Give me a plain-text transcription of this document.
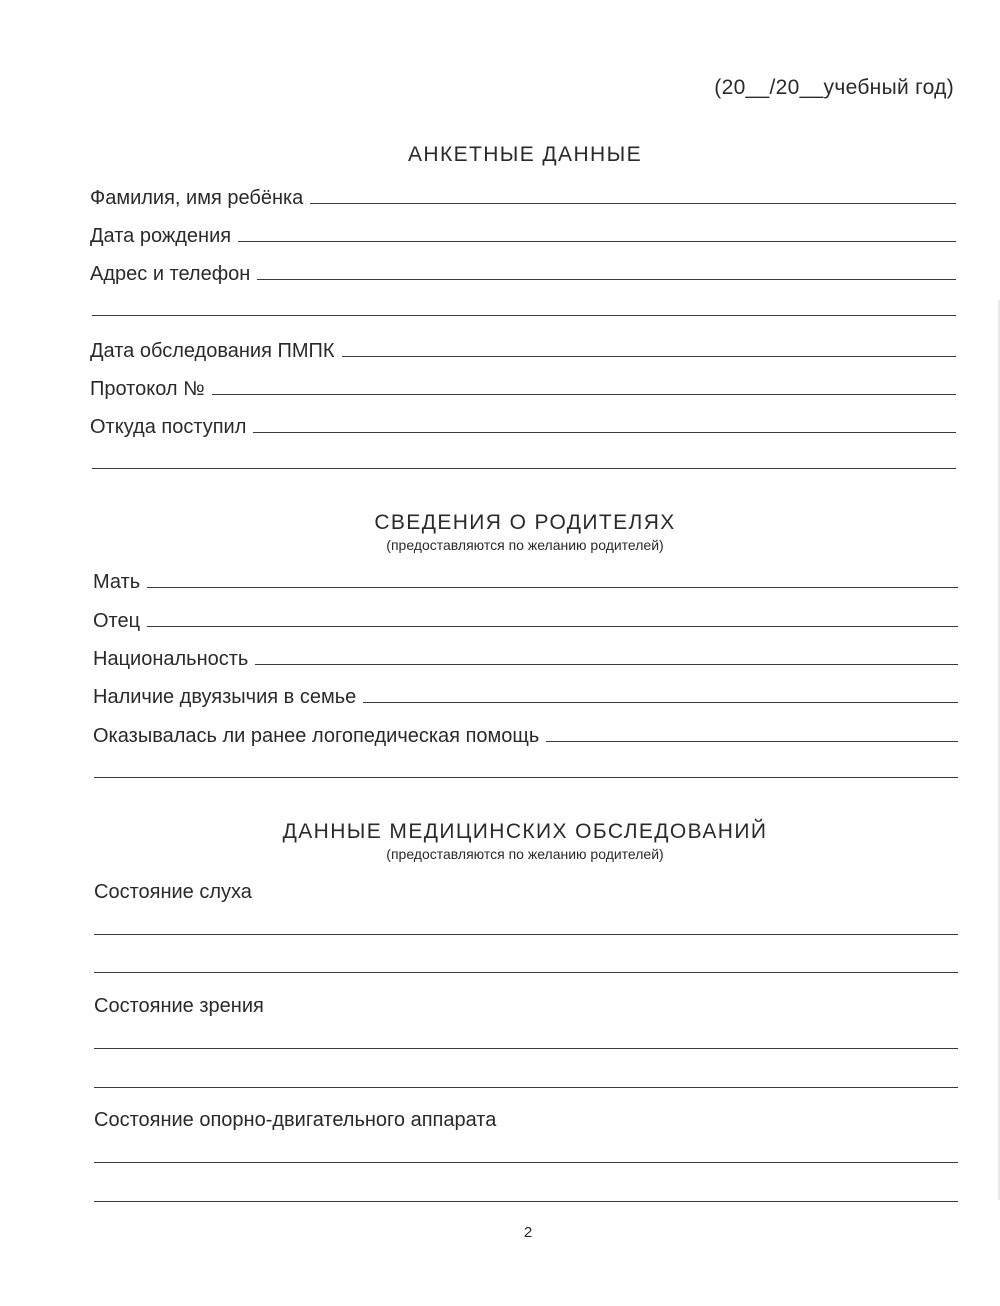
(20__/20__учебный год)
АНКЕТНЫЕ ДАННЫЕ
Фамилия, имя ребёнка
Дата рождения
Адрес и телефон
Дата обследования ПМПК
Протокол №
Откуда поступил
СВЕДЕНИЯ О РОДИТЕЛЯХ
(предоставляются по желанию родителей)
Мать
Отец
Национальность
Наличие двуязычия в семье
Оказывалась ли ранее логопедическая помощь
ДАННЫЕ МЕДИЦИНСКИХ ОБСЛЕДОВАНИЙ
(предоставляются по желанию родителей)
Состояние слуха
Состояние зрения
Состояние опорно-двигательного аппарата
2
